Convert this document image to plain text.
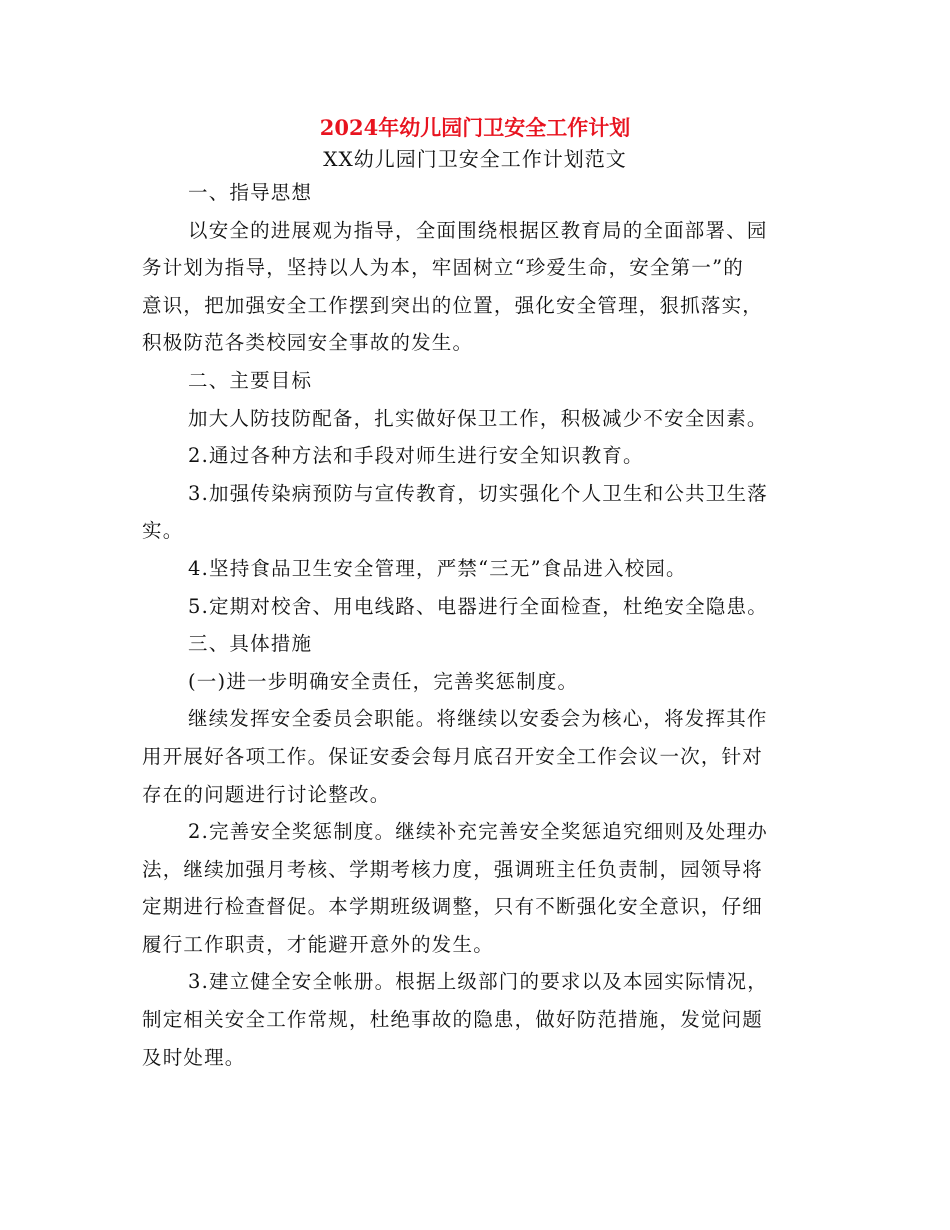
2024年幼儿园门卫安全工作计划
XX幼儿园门卫安全工作计划范文
一、指导思想
以安全的进展观为指导，全面围绕根据区教育局的全面部署、园
务计划为指导，坚持以人为本，牢固树立“珍爱生命，安全第一”的
意识，把加强安全工作摆到突出的位置，强化安全管理，狠抓落实，
积极防范各类校园安全事故的发生。
二、主要目标
加大人防技防配备，扎实做好保卫工作，积极减少不安全因素。
2.通过各种方法和手段对师生进行安全知识教育。
3.加强传染病预防与宣传教育，切实强化个人卫生和公共卫生落
实。
4.坚持食品卫生安全管理，严禁“三无”食品进入校园。
5.定期对校舍、用电线路、电器进行全面检查，杜绝安全隐患。
三、具体措施
(一)进一步明确安全责任，完善奖惩制度。
继续发挥安全委员会职能。将继续以安委会为核心，将发挥其作
用开展好各项工作。保证安委会每月底召开安全工作会议一次，针对
存在的问题进行讨论整改。
2.完善安全奖惩制度。继续补充完善安全奖惩追究细则及处理办
法，继续加强月考核、学期考核力度，强调班主任负责制，园领导将
定期进行检查督促。本学期班级调整，只有不断强化安全意识，仔细
履行工作职责，才能避开意外的发生。
3.建立健全安全帐册。根据上级部门的要求以及本园实际情况，
制定相关安全工作常规，杜绝事故的隐患，做好防范措施，发觉问题
及时处理。
